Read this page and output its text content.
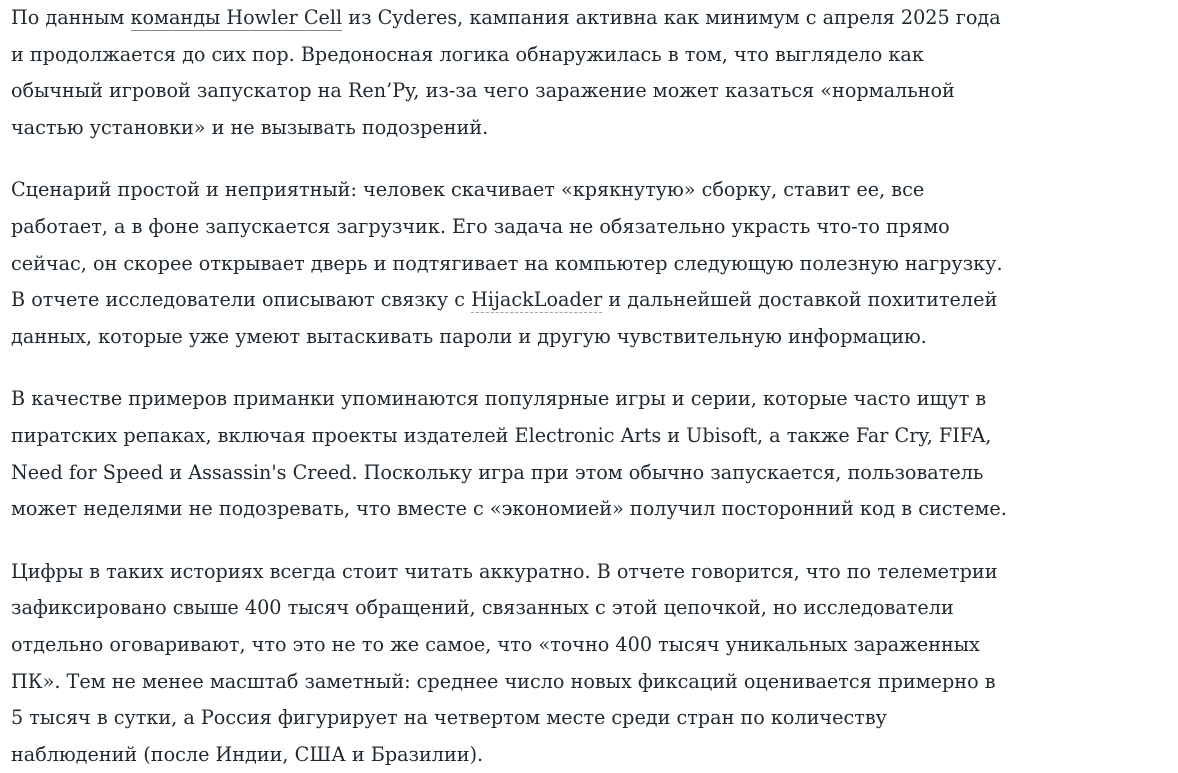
По данным команды Howler Cell из Cyderes, кампания активна как минимум с апреля 2025 года
и продолжается до сих пор. Вредоносная логика обнаружилась в том, что выглядело как
обычный игровой запускатор на Ren’Py, из-за чего заражение может казаться «нормальной
частью установки» и не вызывать подозрений.

Сценарий простой и неприятный: человек скачивает «крякнутую» сборку, ставит ее, все
работает, а в фоне запускается загрузчик. Его задача не обязательно украсть что-то прямо
сейчас, он скорее открывает дверь и подтягивает на компьютер следующую полезную нагрузку.
В отчете исследователи описывают связку с HijackLoader и дальнейшей доставкой похитителей
данных, которые уже умеют вытаскивать пароли и другую чувствительную информацию.

В качестве примеров приманки упоминаются популярные игры и серии, которые часто ищут в
пиратских репаках, включая проекты издателей Electronic Arts и Ubisoft, а также Far Cry, FIFA,
Need for Speed и Assassin's Creed. Поскольку игра при этом обычно запускается, пользователь
может неделями не подозревать, что вместе с «экономией» получил посторонний код в системе.

Цифры в таких историях всегда стоит читать аккуратно. В отчете говорится, что по телеметрии
зафиксировано свыше 400 тысяч обращений, связанных с этой цепочкой, но исследователи
отдельно оговаривают, что это не то же самое, что «точно 400 тысяч уникальных зараженных
ПК». Тем не менее масштаб заметный: среднее число новых фиксаций оценивается примерно в
5 тысяч в сутки, а Россия фигурирует на четвертом месте среди стран по количеству
наблюдений (после Индии, США и Бразилии).
